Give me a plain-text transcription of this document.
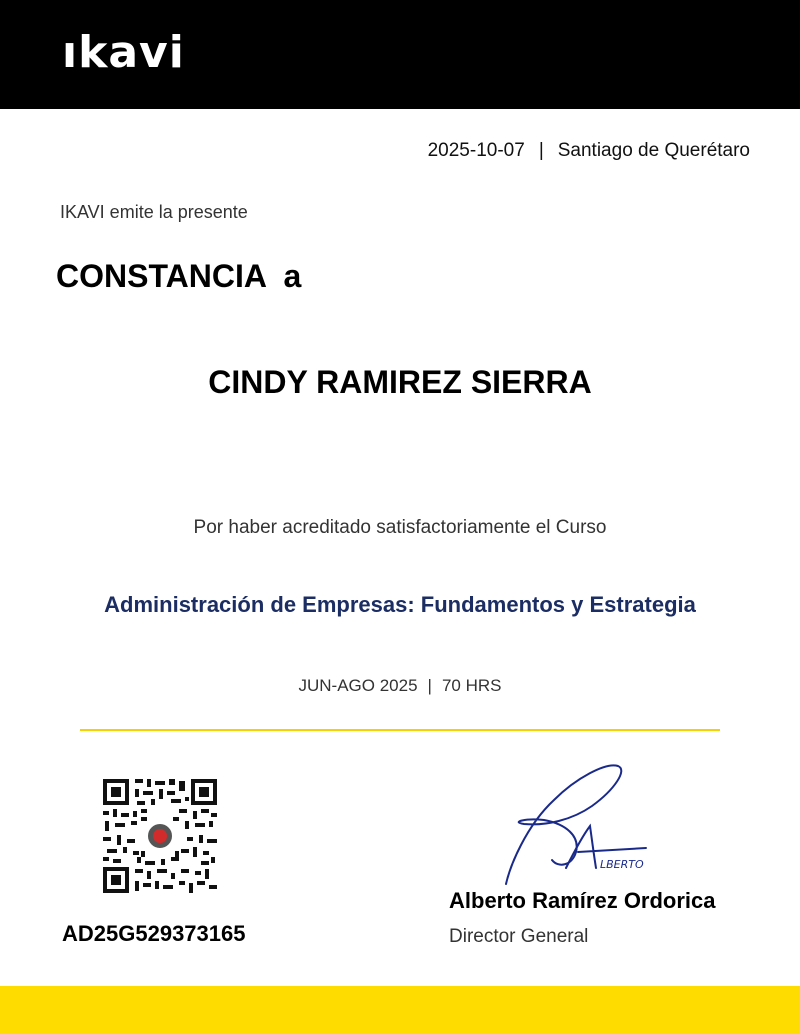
ıkavi
2025-10-07 | Santiago de Querétaro
IKAVI emite la presente
CONSTANCIA  a
CINDY RAMIREZ SIERRA
Por haber acreditado satisfactoriamente el Curso
Administración de Empresas: Fundamentos y Estrategia
JUN-AGO 2025 | 70 HRS
AD25G529373165
LBERTO
Alberto Ramírez Ordorica
Director General
